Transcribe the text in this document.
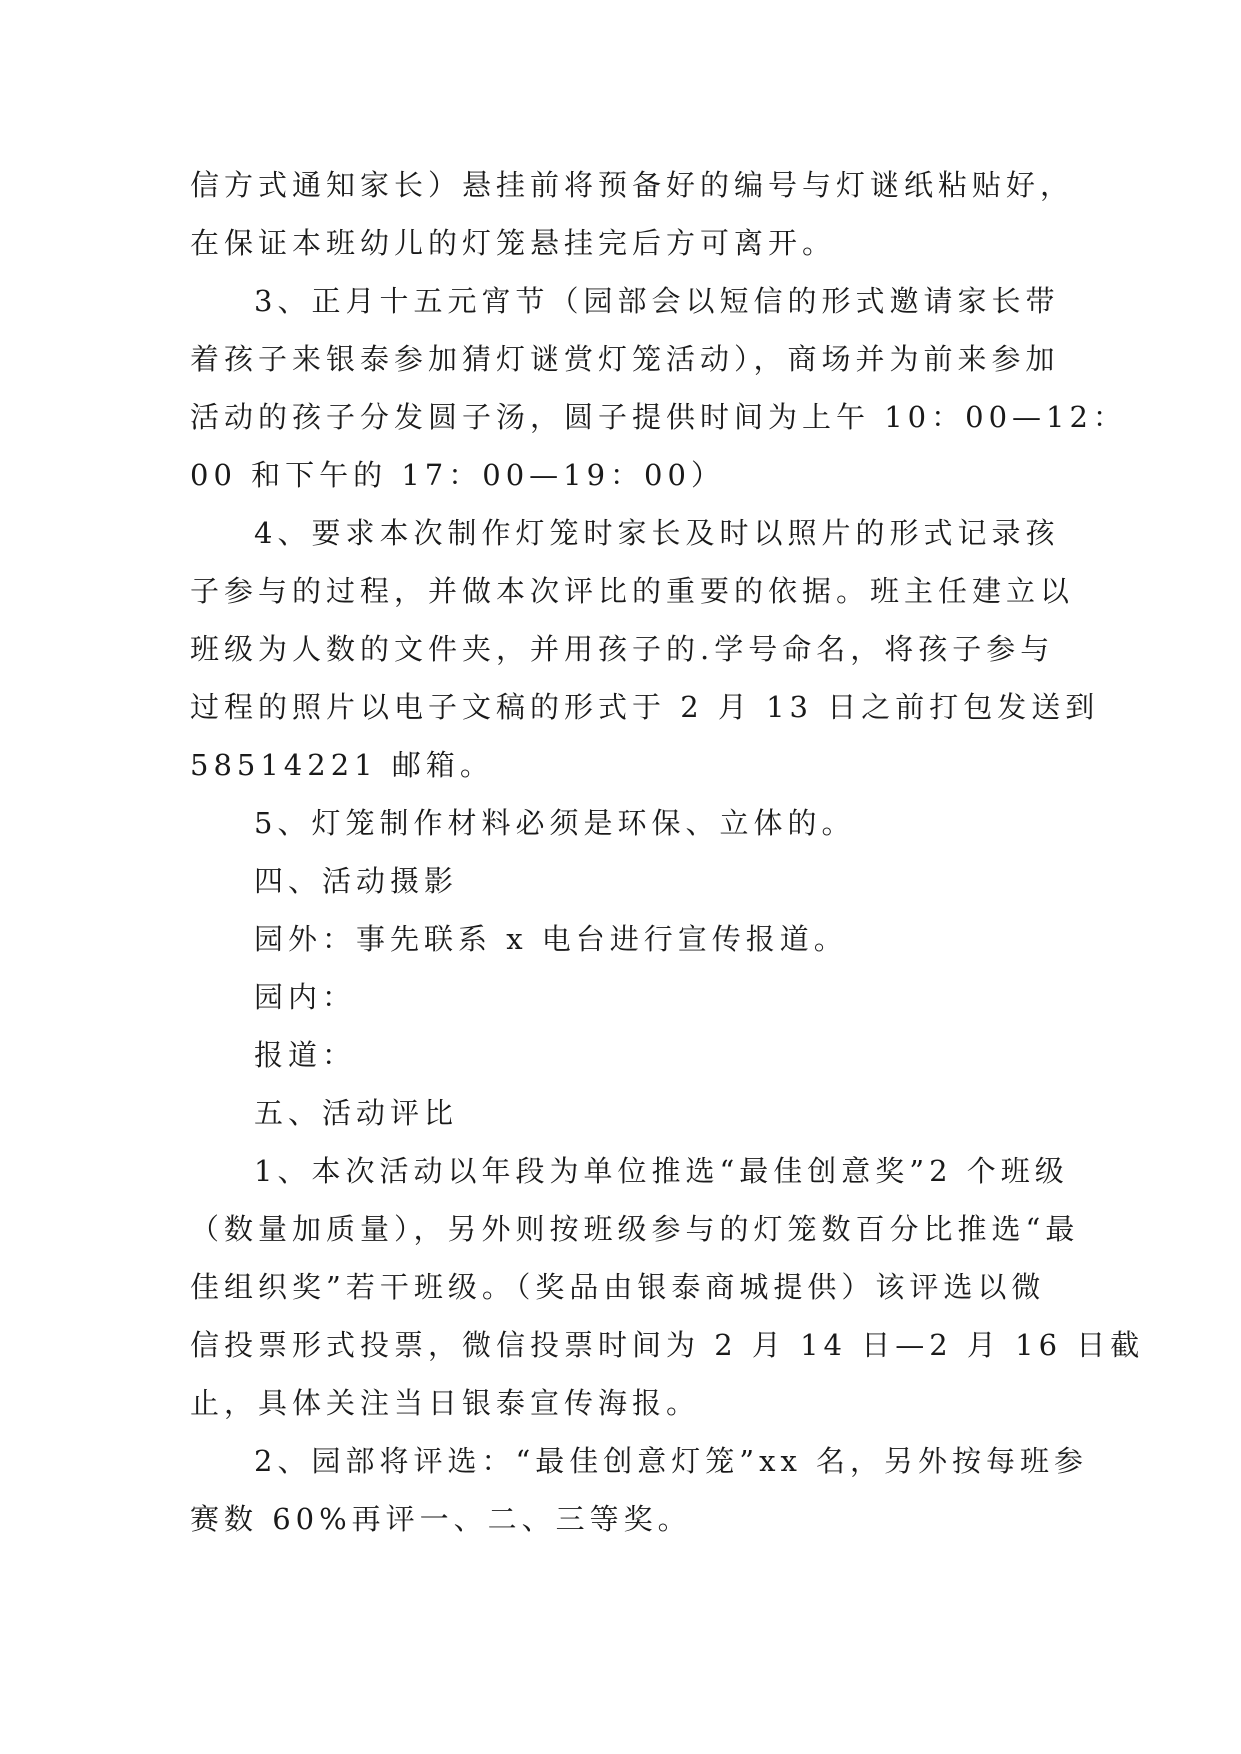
信方式通知家长）悬挂前将预备好的编号与灯谜纸粘贴好，
在保证本班幼儿的灯笼悬挂完后方可离开。

3、正月十五元宵节（园部会以短信的形式邀请家长带
着孩子来银泰参加猜灯谜赏灯笼活动），商场并为前来参加
活动的孩子分发圆子汤，圆子提供时间为上午 10：00—12：
00 和下午的 17：00—19：00）

4、要求本次制作灯笼时家长及时以照片的形式记录孩
子参与的过程，并做本次评比的重要的依据。班主任建立以
班级为人数的文件夹，并用孩子的.学号命名，将孩子参与
过程的照片以电子文稿的形式于 2 月 13 日之前打包发送到
58514221 邮箱。

5、灯笼制作材料必须是环保、立体的。

四、活动摄影

园外：事先联系 x 电台进行宣传报道。

园内：

报道：

五、活动评比

1、本次活动以年段为单位推选“最佳创意奖”2 个班级
（数量加质量），另外则按班级参与的灯笼数百分比推选“最
佳组织奖”若干班级。（奖品由银泰商城提供）该评选以微
信投票形式投票，微信投票时间为 2 月 14 日—2 月 16 日截
止，具体关注当日银泰宣传海报。

2、园部将评选：“最佳创意灯笼”xx 名，另外按每班参
赛数 60%再评一、二、三等奖。
